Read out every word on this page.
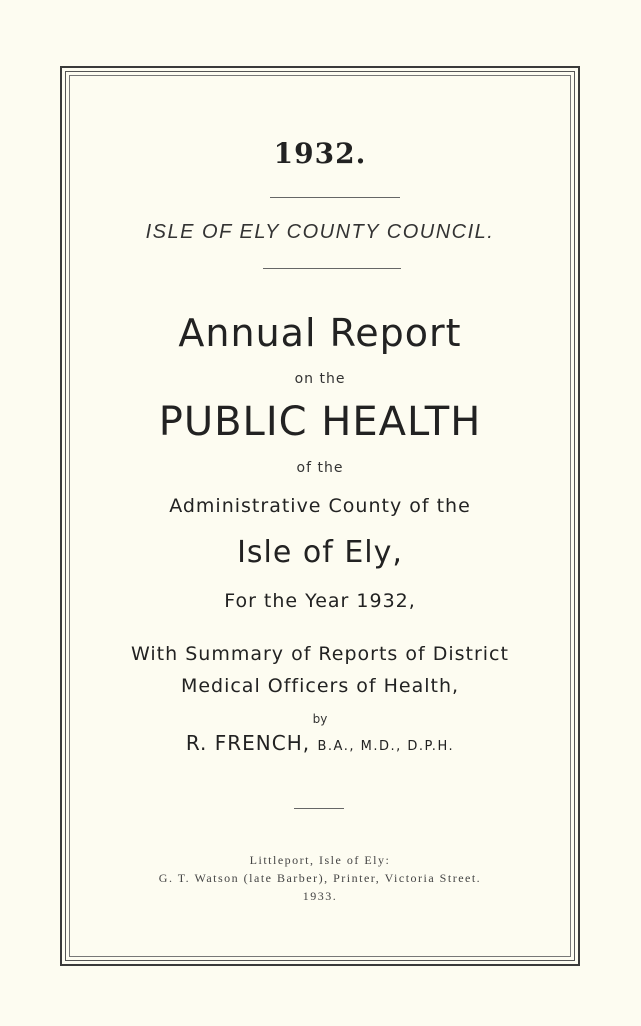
1932.
ISLE OF ELY COUNTY COUNCIL.
Annual Report
on the
PUBLIC HEALTH
of the
Administrative County of the
Isle of Ely,
For the Year 1932,
With Summary of Reports of District
Medical Officers of Health,
by
R. FRENCH, B.A., M.D., D.P.H.
Littleport, Isle of Ely:
G. T. Watson (late Barber), Printer, Victoria Street.
1933.
